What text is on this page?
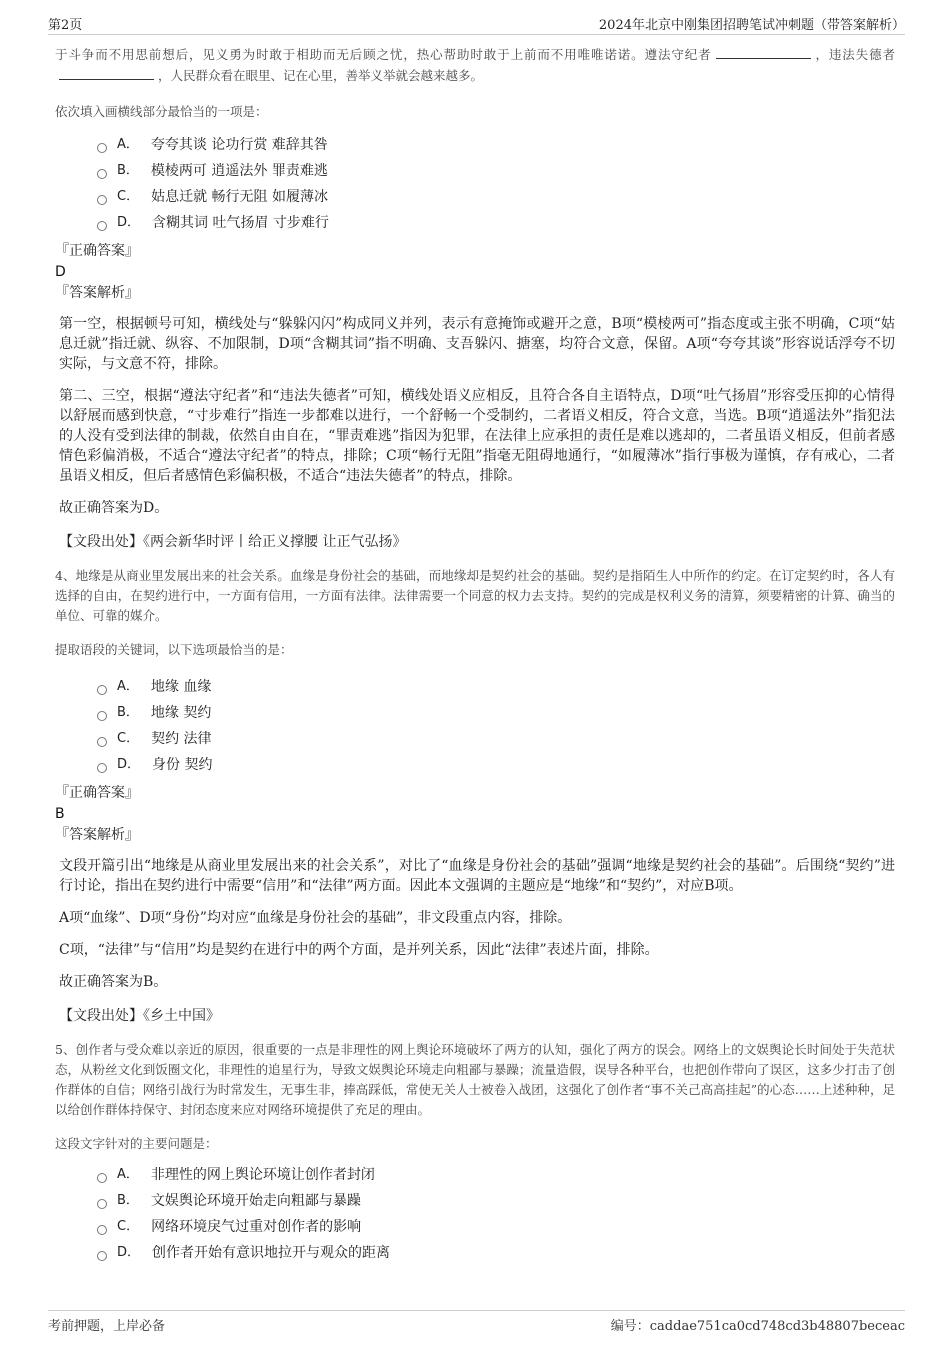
第2页	2024年北京中刚集团招聘笔试冲刺题（带答案解析）

于斗争而不用思前想后，见义勇为时敢于相助而无后顾之忧，热心帮助时敢于上前而不用唯唯诺诺。遵法守纪者	，违法失德者，人民群众看在眼里、记在心里，善举义举就会越来越多。

依次填入画横线部分最恰当的一项是：

A． 夸夸其谈 论功行赏 难辞其咎
B． 模棱两可 逍遥法外 罪责难逃
C． 姑息迁就 畅行无阻 如履薄冰
D． 含糊其词 吐气扬眉 寸步难行

『正确答案』

D

『答案解析』

第一空，根据顿号可知，横线处与“躲躲闪闪”构成同义并列，表示有意掩饰或避开之意，B项“模棱两可”指态度或主张不明确，C项“姑息迁就”指迁就、纵容、不加限制，D项“含糊其词”指不明确、支吾躲闪、搪塞，均符合文意，保留。A项“夸夸其谈”形容说话浮夸不切实际，与文意不符，排除。

第二、三空，根据“遵法守纪者”和“违法失德者”可知，横线处语义应相反，且符合各自主语特点，D项“吐气扬眉”形容受压抑的心情得以舒展而感到快意，“寸步难行”指连一步都难以进行，一个舒畅一个受制约，二者语义相反，符合文意，当选。B项“逍遥法外”指犯法的人没有受到法律的制裁，依然自由自在，“罪责难逃”指因为犯罪，在法律上应承担的责任是难以逃却的，二者虽语义相反，但前者感情色彩偏消极，不适合“遵法守纪者”的特点，排除；C项“畅行无阻”指毫无阻碍地通行，“如履薄冰”指行事极为谨慎，存有戒心，二者虽语义相反，但后者感情色彩偏积极，不适合“违法失德者”的特点，排除。

故正确答案为D。

【文段出处】《两会新华时评丨给正义撑腰 让正气弘扬》

4、地缘是从商业里发展出来的社会关系。血缘是身份社会的基础，而地缘却是契约社会的基础。契约是指陌生人中所作的约定。在订定契约时，各人有选择的自由，在契约进行中，一方面有信用，一方面有法律。法律需要一个同意的权力去支持。契约的完成是权利义务的清算，须要精密的计算、确当的单位、可靠的媒介。

提取语段的关键词，以下选项最恰当的是：

A． 地缘 血缘
B． 地缘 契约
C． 契约 法律
D． 身份 契约

『正确答案』

B

『答案解析』

文段开篇引出“地缘是从商业里发展出来的社会关系”，对比了“血缘是身份社会的基础”强调“地缘是契约社会的基础”。后围绕“契约”进行讨论，指出在契约进行中需要“信用”和“法律”两方面。因此本文强调的主题应是“地缘”和“契约”，对应B项。

A项“血缘”、D项“身份”均对应“血缘是身份社会的基础”，非文段重点内容，排除。

C项，“法律”与“信用”均是契约在进行中的两个方面，是并列关系，因此“法律”表述片面，排除。

故正确答案为B。

【文段出处】《乡土中国》

5、创作者与受众难以亲近的原因，很重要的一点是非理性的网上舆论环境破坏了两方的认知，强化了两方的误会。网络上的文娱舆论长时间处于失范状态，从粉丝文化到饭圈文化，非理性的追星行为，导致文娱舆论环境走向粗鄙与暴躁；流量造假，误导各种平台，也把创作带向了误区，这多少打击了创作群体的自信；网络引战行为时常发生，无事生非，捧高踩低，常使无关人士被卷入战团，这强化了创作者“事不关己高高挂起”的心态……上述种种，足以给创作群体持保守、封闭态度来应对网络环境提供了充足的理由。

这段文字针对的主要问题是：

A． 非理性的网上舆论环境让创作者封闭
B． 文娱舆论环境开始走向粗鄙与暴躁
C． 网络环境戾气过重对创作者的影响
D． 创作者开始有意识地拉开与观众的距离
考前押题，上岸必备	编号：caddae751ca0cd748cd3b48807beceac
